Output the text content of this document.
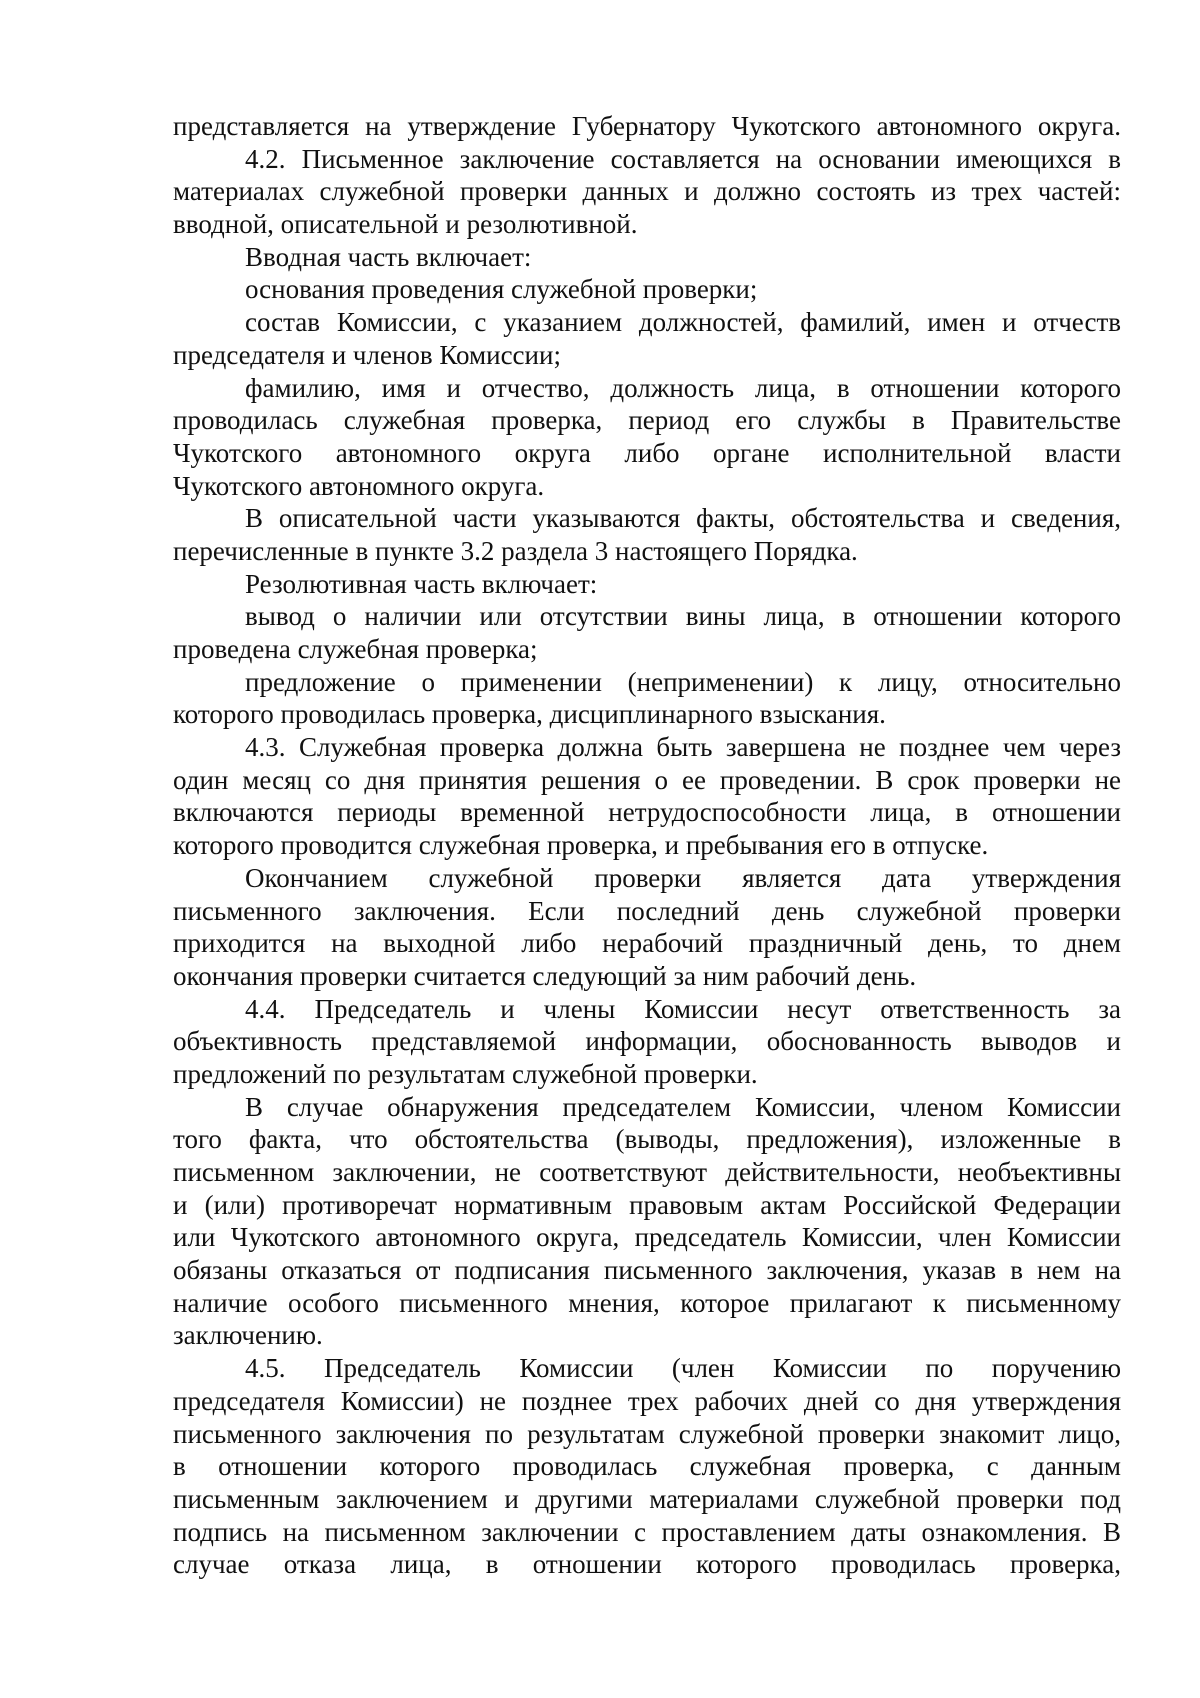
представляется на утверждение Губернатору Чукотского автономного округа.
4.2. Письменное заключение составляется на основании имеющихся в
материалах служебной проверки данных и должно состоять из трех частей:
вводной, описательной и резолютивной.
Вводная часть включает:
основания проведения служебной проверки;
состав Комиссии, с указанием должностей, фамилий, имен и отчеств
председателя и членов Комиссии;
фамилию, имя и отчество, должность лица, в отношении которого
проводилась служебная проверка, период его службы в Правительстве
Чукотского автономного округа либо органе исполнительной власти
Чукотского автономного округа.
В описательной части указываются факты, обстоятельства и сведения,
перечисленные в пункте 3.2 раздела 3 настоящего Порядка.
Резолютивная часть включает:
вывод о наличии или отсутствии вины лица, в отношении которого
проведена служебная проверка;
предложение о применении (неприменении) к лицу, относительно
которого проводилась проверка, дисциплинарного взыскания.
4.3. Служебная проверка должна быть завершена не позднее чем через
один месяц со дня принятия решения о ее проведении. В срок проверки не
включаются периоды временной нетрудоспособности лица, в отношении
которого проводится служебная проверка, и пребывания его в отпуске.
Окончанием служебной проверки является дата утверждения
письменного заключения. Если последний день служебной проверки
приходится на выходной либо нерабочий праздничный день, то днем
окончания проверки считается следующий за ним рабочий день.
4.4. Председатель и члены Комиссии несут ответственность за
объективность представляемой информации, обоснованность выводов и
предложений по результатам служебной проверки.
В случае обнаружения председателем Комиссии, членом Комиссии
того факта, что обстоятельства (выводы, предложения), изложенные в
письменном заключении, не соответствуют действительности, необъективны
и (или) противоречат нормативным правовым актам Российской Федерации
или Чукотского автономного округа, председатель Комиссии, член Комиссии
обязаны отказаться от подписания письменного заключения, указав в нем на
наличие особого письменного мнения, которое прилагают к письменному
заключению.
4.5. Председатель Комиссии (член Комиссии по поручению
председателя Комиссии) не позднее трех рабочих дней со дня утверждения
письменного заключения по результатам служебной проверки знакомит лицо,
в отношении которого проводилась служебная проверка, с данным
письменным заключением и другими материалами служебной проверки под
подпись на письменном заключении с проставлением даты ознакомления. В
случае отказа лица, в отношении которого проводилась проверка,
